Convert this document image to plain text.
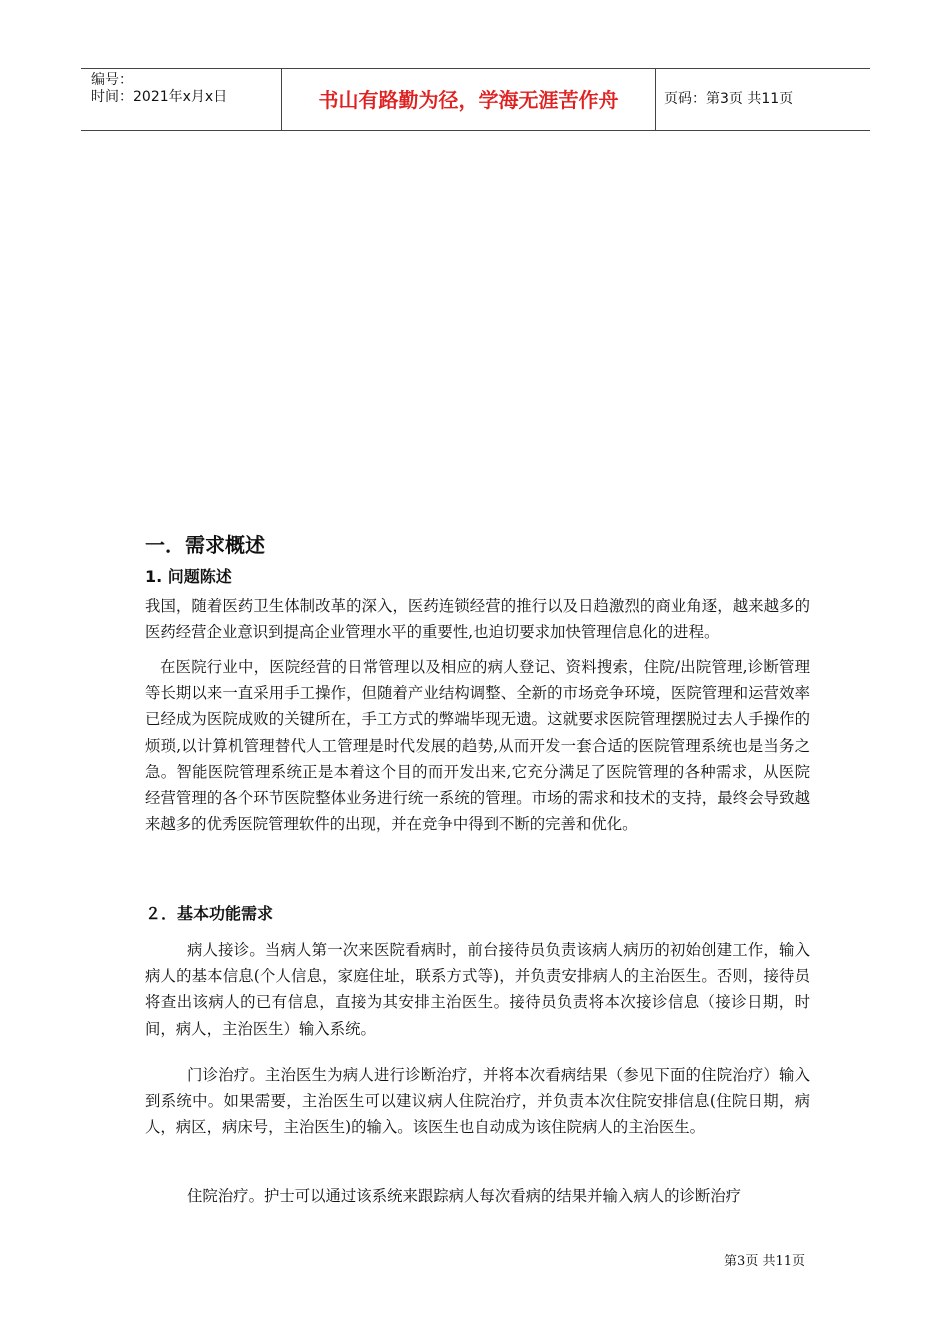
编号：
时间：2021年x月x日	书山有路勤为径，学海无涯苦作舟	页码：第3页 共11页
一．需求概述
1. 问题陈述

我国，随着医药卫生体制改革的深入，医药连锁经营的推行以及日趋激烈的商业角逐，越来越多的医药经营企业意识到提高企业管理水平的重要性,也迫切要求加快管理信息化的进程。

在医院行业中，医院经营的日常管理以及相应的病人登记、资料搜索，住院/出院管理,诊断管理等长期以来一直采用手工操作，但随着产业结构调整、全新的市场竞争环境，医院管理和运营效率已经成为医院成败的关键所在，手工方式的弊端毕现无遗。这就要求医院管理摆脱过去人手操作的烦琐,以计算机管理替代人工管理是时代发展的趋势,从而开发一套合适的医院管理系统也是当务之急。智能医院管理系统正是本着这个目的而开发出来,它充分满足了医院管理的各种需求，从医院经营管理的各个环节医院整体业务进行统一系统的管理。市场的需求和技术的支持，最终会导致越来越多的优秀医院管理软件的出现，并在竞争中得到不断的完善和优化。

２．基本功能需求

病人接诊。当病人第一次来医院看病时，前台接待员负责该病人病历的初始创建工作，输入病人的基本信息(个人信息，家庭住址，联系方式等)，并负责安排病人的主治医生。否则，接待员将查出该病人的已有信息，直接为其安排主治医生。接待员负责将本次接诊信息（接诊日期，时间，病人，主治医生）输入系统。

门诊治疗。主治医生为病人进行诊断治疗，并将本次看病结果（参见下面的住院治疗）输入到系统中。如果需要，主治医生可以建议病人住院治疗，并负责本次住院安排信息(住院日期，病人，病区，病床号，主治医生)的输入。该医生也自动成为该住院病人的主治医生。

住院治疗。护士可以通过该系统来跟踪病人每次看病的结果并输入病人的诊断治疗

第3页 共11页
